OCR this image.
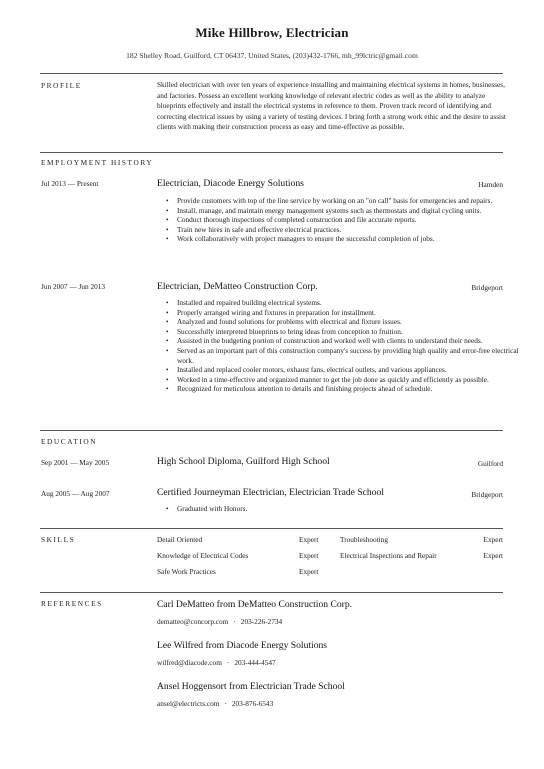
Mike Hillbrow, Electrician
182 Shelley Road, Guilford, CT 06437, United States, (203)432-1766, mh_99lctric@gmail.com
PROFILE	Skilled electrician with over ten years of experience installing and maintaining electrical systems in homes, businesses, and factories. Possess an excellent working knowledge of relevant electric codes as well as the ability to analyze blueprints effectively and install the electrical systems in reference to them. Proven track record of identifying and correcting electrical issues by using a variety of testing devices. I bring forth a strong work ethic and the desire to assist clients with making their construction process as easy and time-effective as possible.
EMPLOYMENT HISTORY
Jul 2013 — Present	Electrician, Diacode Energy Solutions	Hamden
• Provide customers with top of the line service by working on an "on call" basis for emergencies and repairs.
• Install, manage, and maintain energy management systems such as thermostats and digital cycling units.
• Conduct thorough inspections of completed construction and file accurate reports.
• Train new hires in safe and effective electrical practices.
• Work collaboratively with project managers to ensure the successful completion of jobs.
Jun 2007 — Jun 2013	Electrician, DeMatteo Construction Corp.	Bridgeport
• Installed and repaired building electrical systems.
• Properly arranged wiring and fixtures in preparation for installment.
• Analyzed and found solutions for problems with electrical and fixture issues.
• Successfully interpreted blueprints to bring ideas from conception to fruition.
• Assisted in the budgeting portion of construction and worked well with clients to understand their needs.
• Served as an important part of this construction company's success by providing high quality and error-free electrical work.
• Installed and replaced cooler motors, exhaust fans, electrical outlets, and various appliances.
• Worked in a time-effective and organized manner to get the job done as quickly and efficiently as possible.
• Recognized for meticulous attention to details and finishing projects ahead of schedule.
EDUCATION
Sep 2001 — May 2005	High School Diploma, Guilford High School	Guilford
Aug 2005 — Aug 2007	Certified Journeyman Electrician, Electrician Trade School	Bridgeport
• Graduated with Honors.
SKILLS	Detail Oriented	Expert	Troubleshooting	Expert
Knowledge of Electrical Codes	Expert	Electrical Inspections and Repair	Expert
Safe Work Practices	Expert
REFERENCES	Carl DeMatteo from DeMatteo Construction Corp.
dematteo@concorp.com · 203-226-2734
Lee Wilfred from Diacode Energy Solutions
wilfred@diacode.com · 203-444-4547
Ansel Hoggensort from Electrician Trade School
ansel@electricts.com · 203-876-6543
